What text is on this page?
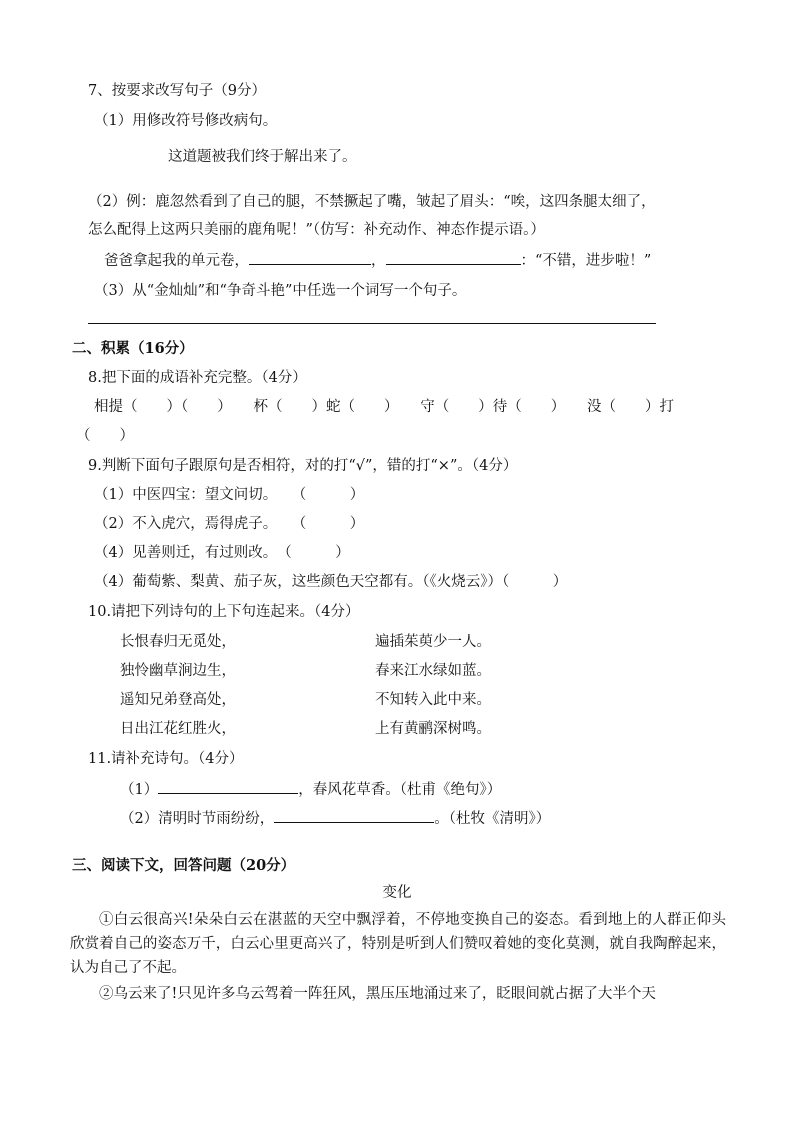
7、按要求改写句子（9分）
（1）用修改符号修改病句。
这道题被我们终于解出来了。
（2）例：鹿忽然看到了自己的腿，不禁撅起了嘴，皱起了眉头：“唉，这四条腿太细了，
怎么配得上这两只美丽的鹿角呢！”（仿写：补充动作、神态作提示语。）
爸爸拿起我的单元卷，	，	：“不错，进步啦！”
（3）从“金灿灿”和“争奇斗艳”中任选一个词写一个句子。
二、积累（16分）
8.把下面的成语补充完整。（4分）
相提（　　）（　　）　　杯（　　）蛇（　　）　　守（　　）待（　　）　　没（　　）打
（　　）
9.判断下面句子跟原句是否相符，对的打“√”，错的打“×”。（4分）
（1）中医四宝：望文问切。　　（　　　）
（2）不入虎穴，焉得虎子。　　（　　　）
（4）见善则迁，有过则改。　（　　　）
（4）葡萄紫、梨黄、茄子灰，这些颜色天空都有。（《火烧云》）（　　　）
10.请把下列诗句的上下句连起来。（4分）
长恨春归无觅处，	遍插茱萸少一人。
独怜幽草涧边生，	春来江水绿如蓝。
遥知兄弟登高处，	不知转入此中来。
日出江花红胜火，	上有黄鹂深树鸣。
11.请补充诗句。（4分）
（1）	，春风花草香。（杜甫《绝句》）
（2）清明时节雨纷纷，	。（杜牧《清明》）
三、阅读下文，回答问题（20分）
变化
①白云很高兴!朵朵白云在湛蓝的天空中飘浮着，不停地变换自己的姿态。看到地上的人群正仰头欣赏着自己的姿态万千，白云心里更高兴了，特别是听到人们赞叹着她的变化莫测，就自我陶醉起来，认为自己了不起。
②乌云来了!只见许多乌云驾着一阵狂风，黑压压地涌过来了，眨眼间就占据了大半个天
